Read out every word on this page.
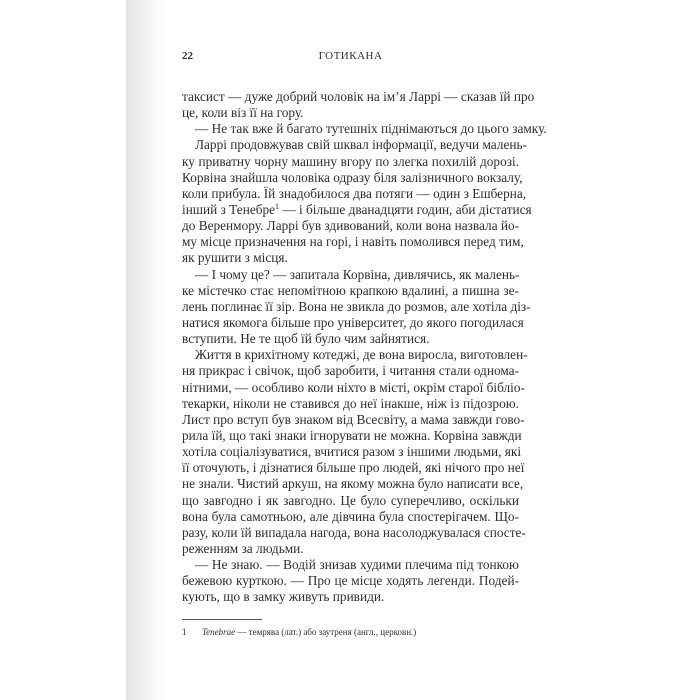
22	ГОТИКАНА
таксист — дуже добрий чоловік на ім’я Ларрі — сказав їй про
це, коли віз її на гору.
— Не так вже й багато тутешніх піднімаються до цього замку.
Ларрі продовжував свій шквал інформації, ведучи малень-
ку приватну чорну машину вгору по злегка похилій дорозі.
Корвіна знайшла чоловіка одразу біля залізничного вокзалу,
коли прибула. Їй знадобилося два потяги — один з Ешберна,
інший з Тенебре$^1$ — і більше дванадцяти годин, аби дістатися
до Веренмору. Ларрі був здивований, коли вона назвала йо-
му місце призначення на горі, і навіть помолився перед тим,
як рушити з місця.
— І чому це? — запитала Корвіна, дивлячись, як малень-
ке містечко стає непомітною крапкою вдалині, а пишна зе-
лень поглинає її зір. Вона не звикла до розмов, але хотіла діз-
натися якомога більше про університет, до якого погодилася
вступити. Не те щоб їй було чим зайнятися.
Життя в крихітному котеджі, де вона виросла, виготовлен-
ня прикрас і свічок, щоб заробити, і читання стали однома-
нітними, — особливо коли ніхто в місті, окрім старої бібліо-
текарки, ніколи не ставився до неї інакше, ніж із підозрою.
Лист про вступ був знаком від Всесвіту, а мама завжди гово-
рила їй, що такі знаки ігнорувати не можна. Корвіна завжди
хотіла соціалізуватися, вчитися разом з іншими людьми, які
її оточують, і дізнатися більше про людей, які нічого про неї
не знали. Чистий аркуш, на якому можна було написати все,
що завгодно і як завгодно. Це було суперечливо, оскільки
вона була самотньою, але дівчина була спостерігачем. Що-
разу, коли їй випадала нагода, вона насолоджувалася спосте-
реженням за людьми.
— Не знаю. — Водій знизав худими плечима під тонкою
бежевою курткою. — Про це місце ходять легенди. Подей-
кують, що в замку живуть привиди.
1 Tenebrae — темрява (лат.) або заутреня (англ., церковн.)
